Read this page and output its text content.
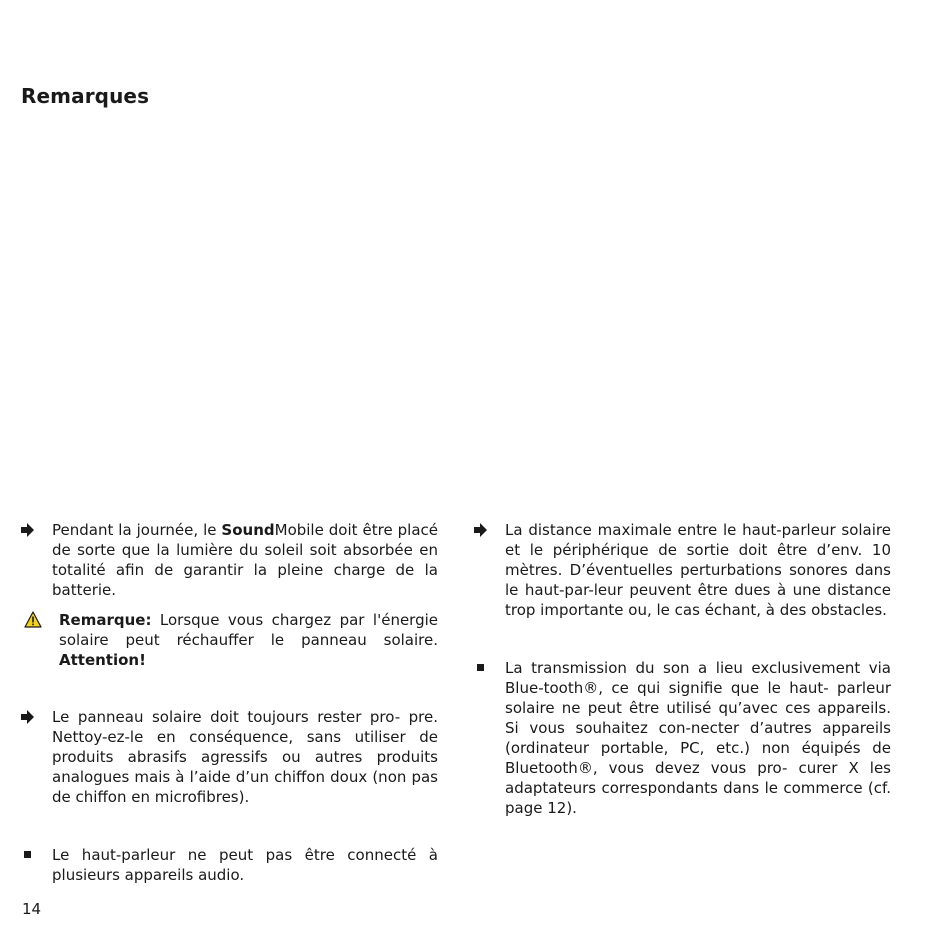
Remarques

Pendant la journée, le SoundMobile doit être placé de sorte que la lumière du soleil soit absorbée en totalité afin de garantir la pleine charge de la batterie.

Remarque: Lorsque vous chargez par l'énergie solaire peut réchauffer le panneau solaire. Attention!

Le panneau solaire doit toujours rester pro- pre. Nettoy-ez-le en conséquence, sans utiliser de produits abrasifs agressifs ou autres produits analogues mais à l’aide d’un chiffon doux (non pas de chiffon en microfibres).

Le haut-parleur ne peut pas être connecté à plusieurs appareils audio.

La distance maximale entre le haut-parleur solaire et le périphérique de sortie doit être d’env. 10 mètres. D’éventuelles perturbations sonores dans le haut-par-leur peuvent être dues à une distance trop importante ou, le cas échant, à des obstacles.

La transmission du son a lieu exclusivement via Blue-tooth®, ce qui signifie que le haut- parleur solaire ne peut être utilisé qu’avec ces appareils. Si vous souhaitez con-necter d’autres appareils (ordinateur portable, PC, etc.) non équipés de Bluetooth®, vous devez vous pro- curer X les adaptateurs correspondants dans le commerce (cf. page 12).

14
